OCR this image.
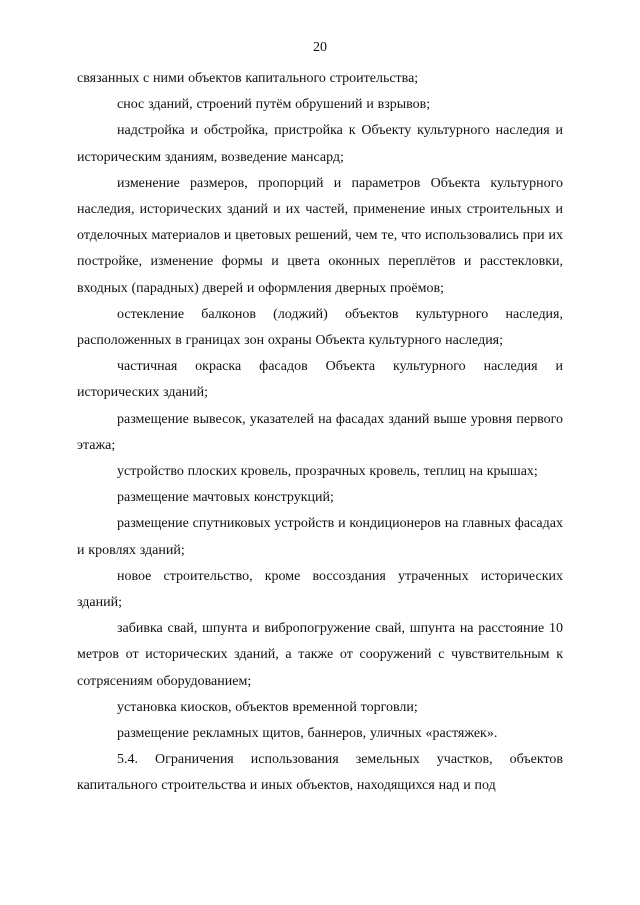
20

связанных с ними объектов капитального строительства;

снос зданий, строений путём обрушений и взрывов;

надстройка и обстройка, пристройка к Объекту культурного наследия и историческим зданиям, возведение мансард;

изменение размеров, пропорций и параметров Объекта культурного наследия, исторических зданий и их частей, применение иных строительных и отделочных материалов и цветовых решений, чем те, что использовались при их постройке, изменение формы и цвета оконных переплётов и расстекловки, входных (парадных) дверей и оформления дверных проёмов;

остекление балконов (лоджий) объектов культурного наследия, расположенных в границах зон охраны Объекта культурного наследия;

частичная окраска фасадов Объекта культурного наследия и исторических зданий;

размещение вывесок, указателей на фасадах зданий выше уровня первого этажа;

устройство плоских кровель, прозрачных кровель, теплиц на крышах;

размещение мачтовых конструкций;

размещение спутниковых устройств и кондиционеров на главных фасадах и кровлях зданий;

новое строительство, кроме воссоздания утраченных исторических зданий;

забивка свай, шпунта и вибропогружение свай, шпунта на расстояние 10 метров от исторических зданий, а также от сооружений с чувствительным к сотрясениям оборудованием;

установка киосков, объектов временной торговли;

размещение рекламных щитов, баннеров, уличных «растяжек».

5.4. Ограничения использования земельных участков, объектов капитального строительства и иных объектов, находящихся над и под
